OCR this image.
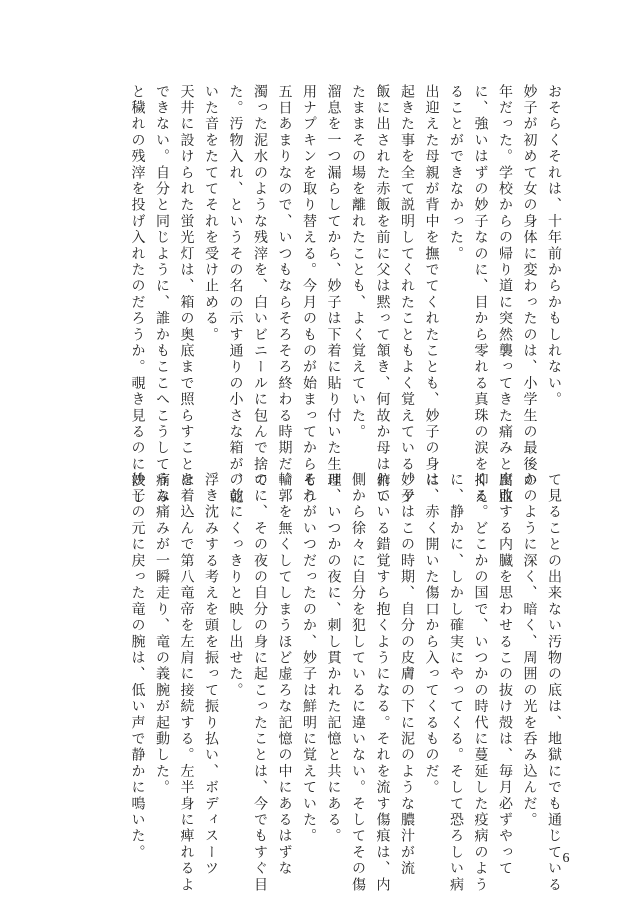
おそらくそれは、十年前からかもしれない。
妙子が初めて女の身体に変わったのは、小学生の最後の
年だった。学校からの帰り道に突然襲ってきた痛みと出血
に、強いはずの妙子なのに、目から零れる真珠の涙を抑え
ることができなかった。
出迎えた母親が背中を撫でてくれたことも、妙子の身に
起きた事を全て説明してくれたこともよく覚えている。夕
飯に出された赤飯を前に父は黙って頷き、何故か母は俯い
たままその場を離れたことも、よく覚えていた。
溜息を一つ漏らしてから、妙子は下着に貼り付いた生理
用ナプキンを取り替える。今月のものが始まってからもう
五日あまりなので、いつもならそろそろ終わる時期だ。
濁った泥水のような残滓を、白いビニールに包んで捨て
た。汚物入れ、というその名の示す通りの小さな箱が、乾
いた音をたててそれを受け止める。
天井に設けられた蛍光灯は、箱の奥底まで照らすことは
できない。自分と同じように、誰かもここへこうして痛み
と穢れの残滓を投げ入れたのだろうか。覗き見るのに決し
て見ることの出来ない汚物の底は、地獄にでも通じている
かのように深く、暗く、周囲の光を呑み込んだ。
腐敗する内臓を思わせるこの抜け殻は、毎月必ずやって
くる。どこかの国で、いつかの時代に蔓延した疫病のよう
に、静かに、しかし確実にやってくる。そして恐ろしい病
は、赤く開いた傷口から入ってくるものだ。
妙子はこの時期、自分の皮膚の下に泥のような膿汁が流
れている錯覚すら抱くようになる。それを流す傷痕は、内
側から徐々に自分を犯しているに違いない。そしてその傷
は、いつかの夜に、刺し貫かれた記憶と共にある。
それがいつだったのか、妙子は鮮明に覚えていた。
輪郭を無くしてしまうほど虚ろな記憶の中にあるはずな
のに、その夜の自分の身に起こったことは、今でもすぐ目
の前にくっきりと映し出せた。
浮き沈みする考えを頭を振って振り払い、ボディスーツ
を着込んで第八竜帝を左肩に接続する。左半身に痺れるよ
うな痛みが一瞬走り、竜の義腕が起動した。
妙子の元に戻った竜の腕は、低い声で静かに鳴いた。	6
